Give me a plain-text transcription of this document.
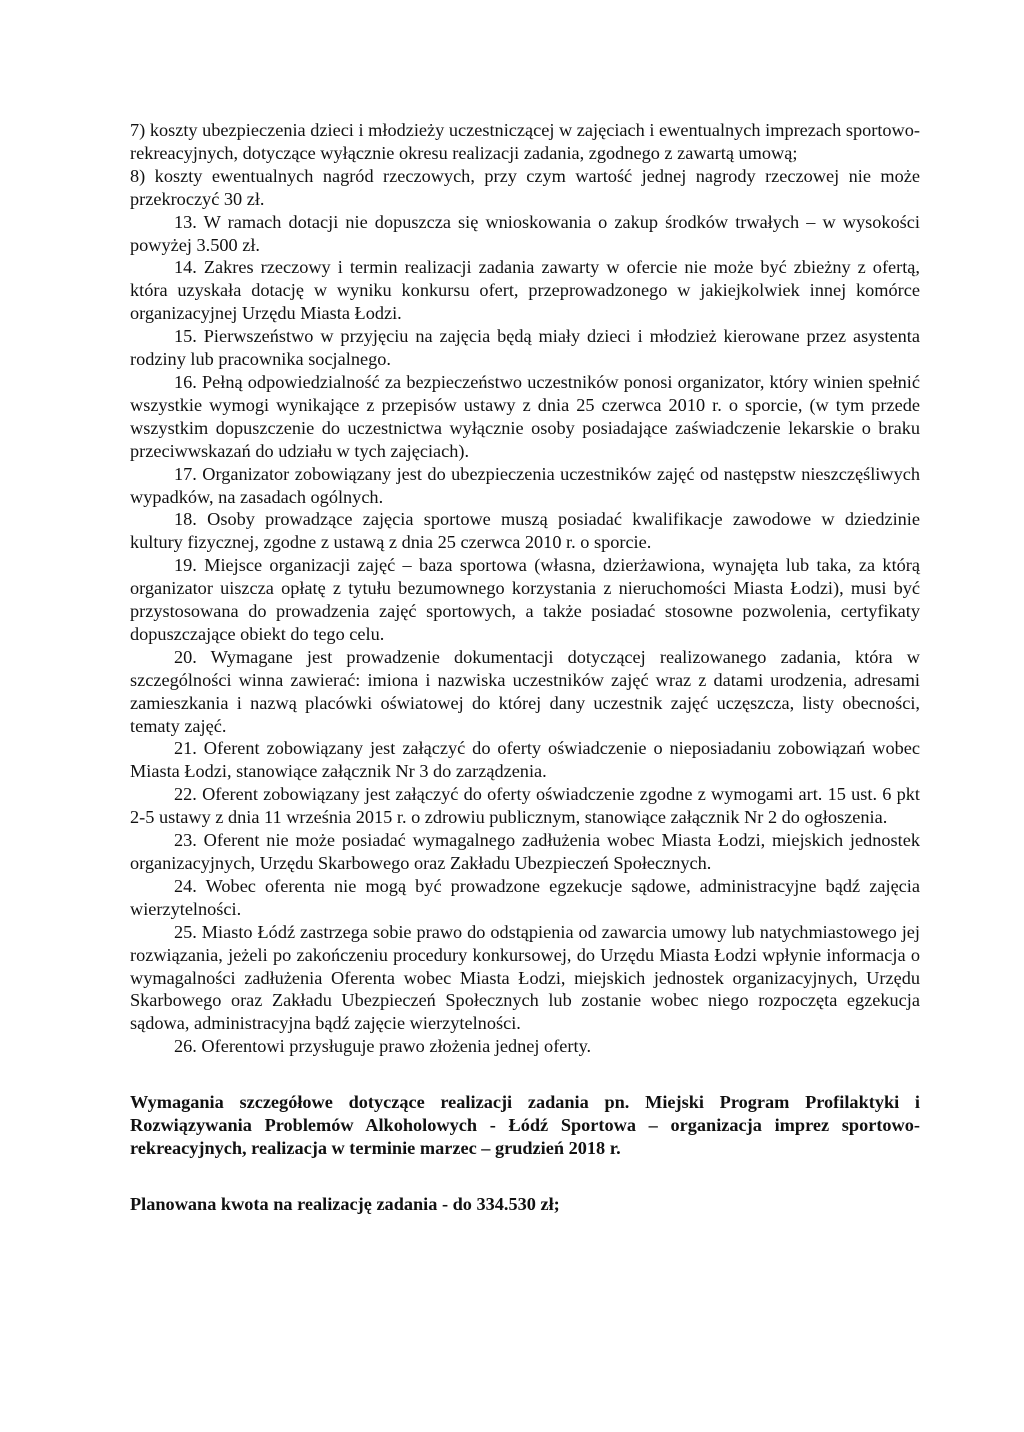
7) koszty ubezpieczenia dzieci i młodzieży uczestniczącej w zajęciach i ewentualnych imprezach sportowo-rekreacyjnych, dotyczące wyłącznie okresu realizacji zadania, zgodnego z zawartą umową;

8) koszty ewentualnych nagród rzeczowych, przy czym wartość jednej nagrody rzeczowej nie może przekroczyć 30 zł.

13. W ramach dotacji nie dopuszcza się wnioskowania o zakup środków trwałych – w wysokości powyżej 3.500 zł.

14. Zakres rzeczowy i termin realizacji zadania zawarty w ofercie nie może być zbieżny z ofertą, która uzyskała dotację w wyniku konkursu ofert, przeprowadzonego w jakiejkolwiek innej komórce organizacyjnej Urzędu Miasta Łodzi.

15. Pierwszeństwo w przyjęciu na zajęcia będą miały dzieci i młodzież kierowane przez asystenta rodziny lub pracownika socjalnego.

16. Pełną odpowiedzialność za bezpieczeństwo uczestników ponosi organizator, który winien spełnić wszystkie wymogi wynikające z przepisów ustawy z dnia 25 czerwca 2010 r. o sporcie, (w tym przede wszystkim dopuszczenie do uczestnictwa wyłącznie osoby posiadające zaświadczenie lekarskie o braku przeciwwskazań do udziału w tych zajęciach).

17. Organizator zobowiązany jest do ubezpieczenia uczestników zajęć od następstw nieszczęśliwych wypadków, na zasadach ogólnych.

18. Osoby prowadzące zajęcia sportowe muszą posiadać kwalifikacje zawodowe w dziedzinie kultury fizycznej, zgodne z ustawą z dnia 25 czerwca 2010 r. o sporcie.

19. Miejsce organizacji zajęć – baza sportowa (własna, dzierżawiona, wynajęta lub taka, za którą organizator uiszcza opłatę z tytułu bezumownego korzystania z nieruchomości Miasta Łodzi), musi być przystosowana do prowadzenia zajęć sportowych, a także posiadać stosowne pozwolenia, certyfikaty dopuszczające obiekt do tego celu.

20. Wymagane jest prowadzenie dokumentacji dotyczącej realizowanego zadania, która w szczególności winna zawierać: imiona i nazwiska uczestników zajęć wraz z datami urodzenia, adresami zamieszkania i nazwą placówki oświatowej do której dany uczestnik zajęć uczęszcza, listy obecności, tematy zajęć.

21. Oferent zobowiązany jest załączyć do oferty oświadczenie o nieposiadaniu zobowiązań wobec Miasta Łodzi, stanowiące załącznik Nr 3 do zarządzenia.

22. Oferent zobowiązany jest załączyć do oferty oświadczenie zgodne z wymogami art. 15 ust. 6 pkt 2-5 ustawy z dnia 11 września 2015 r. o zdrowiu publicznym, stanowiące załącznik Nr 2 do ogłoszenia.

23. Oferent nie może posiadać wymagalnego zadłużenia wobec Miasta Łodzi, miejskich jednostek organizacyjnych, Urzędu Skarbowego oraz Zakładu Ubezpieczeń Społecznych.

24. Wobec oferenta nie mogą być prowadzone egzekucje sądowe, administracyjne bądź zajęcia wierzytelności.

25. Miasto Łódź zastrzega sobie prawo do odstąpienia od zawarcia umowy lub natychmiastowego jej rozwiązania, jeżeli po zakończeniu procedury konkursowej, do Urzędu Miasta Łodzi wpłynie informacja o wymagalności zadłużenia Oferenta wobec Miasta Łodzi, miejskich jednostek organizacyjnych, Urzędu Skarbowego oraz Zakładu Ubezpieczeń Społecznych lub zostanie wobec niego rozpoczęta egzekucja sądowa, administracyjna bądź zajęcie wierzytelności.

26. Oferentowi przysługuje prawo złożenia jednej oferty.

Wymagania szczegółowe dotyczące realizacji zadania pn. Miejski Program Profilaktyki i Rozwiązywania Problemów Alkoholowych - Łódź Sportowa – organizacja imprez sportowo-rekreacyjnych, realizacja w terminie marzec – grudzień 2018 r.

Planowana kwota na realizację zadania - do 334.530 zł;
